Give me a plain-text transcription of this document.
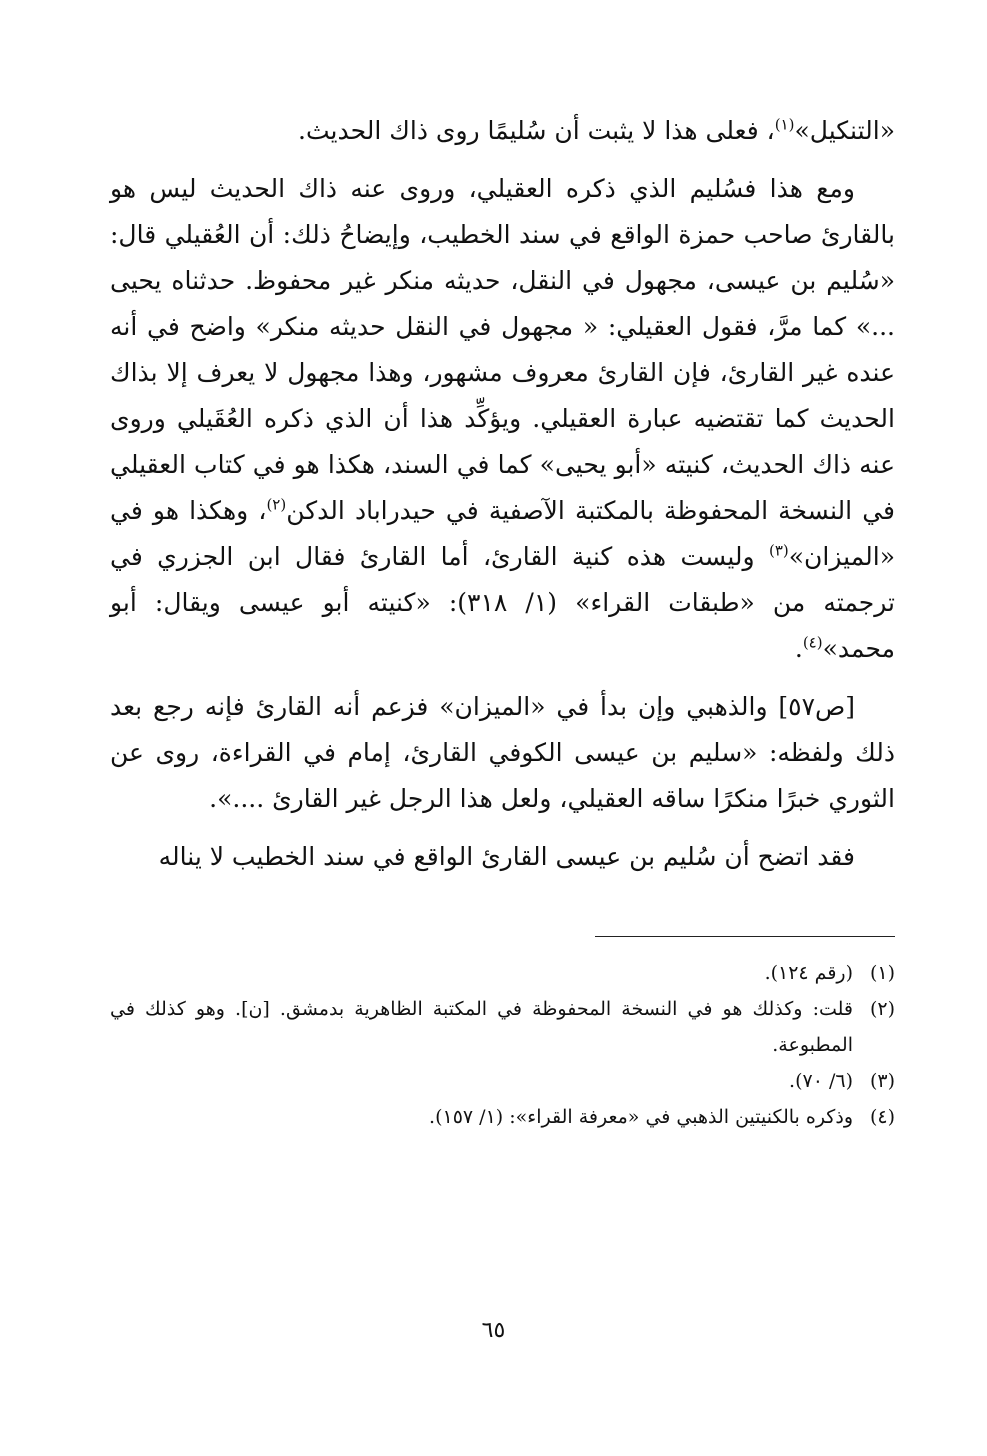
«التنكيل»$^{(١)}$، فعلى هذا لا يثبت أن سُليمًا روى ذاك الحديث.

ومع هذا فسُليم الذي ذكره العقيلي، وروى عنه ذاك الحديث ليس هو بالقارئ صاحب حمزة الواقع في سند الخطيب، وإيضاحُ ذلك: أن العُقيلي قال: «سُليم بن عيسى، مجهول في النقل، حديثه منكر غير محفوظ. حدثناه يحيى ...» كما مرَّ، فقول العقيلي: « مجهول في النقل حديثه منكر» واضح في أنه عنده غير القارئ، فإن القارئ معروف مشهور، وهذا مجهول لا يعرف إلا بذاك الحديث كما تقتضيه عبارة العقيلي. ويؤكِّد هذا أن الذي ذكره العُقَيلي وروى عنه ذاك الحديث، كنيته «أبو يحيى» كما في السند، هكذا هو في كتاب العقيلي في النسخة المحفوظة بالمكتبة الآصفية في حيدراباد الدكن$^{(٢)}$، وهكذا هو في «الميزان»$^{(٣)}$ وليست هذه كنية القارئ، أما القارئ فقال ابن الجزري في ترجمته من «طبقات القراء» (١/ ٣١٨): «كنيته أبو عيسى ويقال: أبو محمد»$^{(٤)}$.

[ص٥٧] والذهبي وإن بدأ في «الميزان» فزعم أنه القارئ فإنه رجع بعد ذلك ولفظه: «سليم بن عيسى الكوفي القارئ، إمام في القراءة، روى عن الثوري خبرًا منكرًا ساقه العقيلي، ولعل هذا الرجل غير القارئ ....».

فقد اتضح أن سُليم بن عيسى القارئ الواقع في سند الخطيب لا يناله

(١)
(رقم ١٢٤).
(٢)
قلت: وكذلك هو في النسخة المحفوظة في المكتبة الظاهرية بدمشق. [ن]. وهو كذلك في المطبوعة.
(٣)
(٦/ ٧٠).
(٤)
وذكره بالكنيتين الذهبي في «معرفة القراء»: (١/ ١٥٧).
٦٥
